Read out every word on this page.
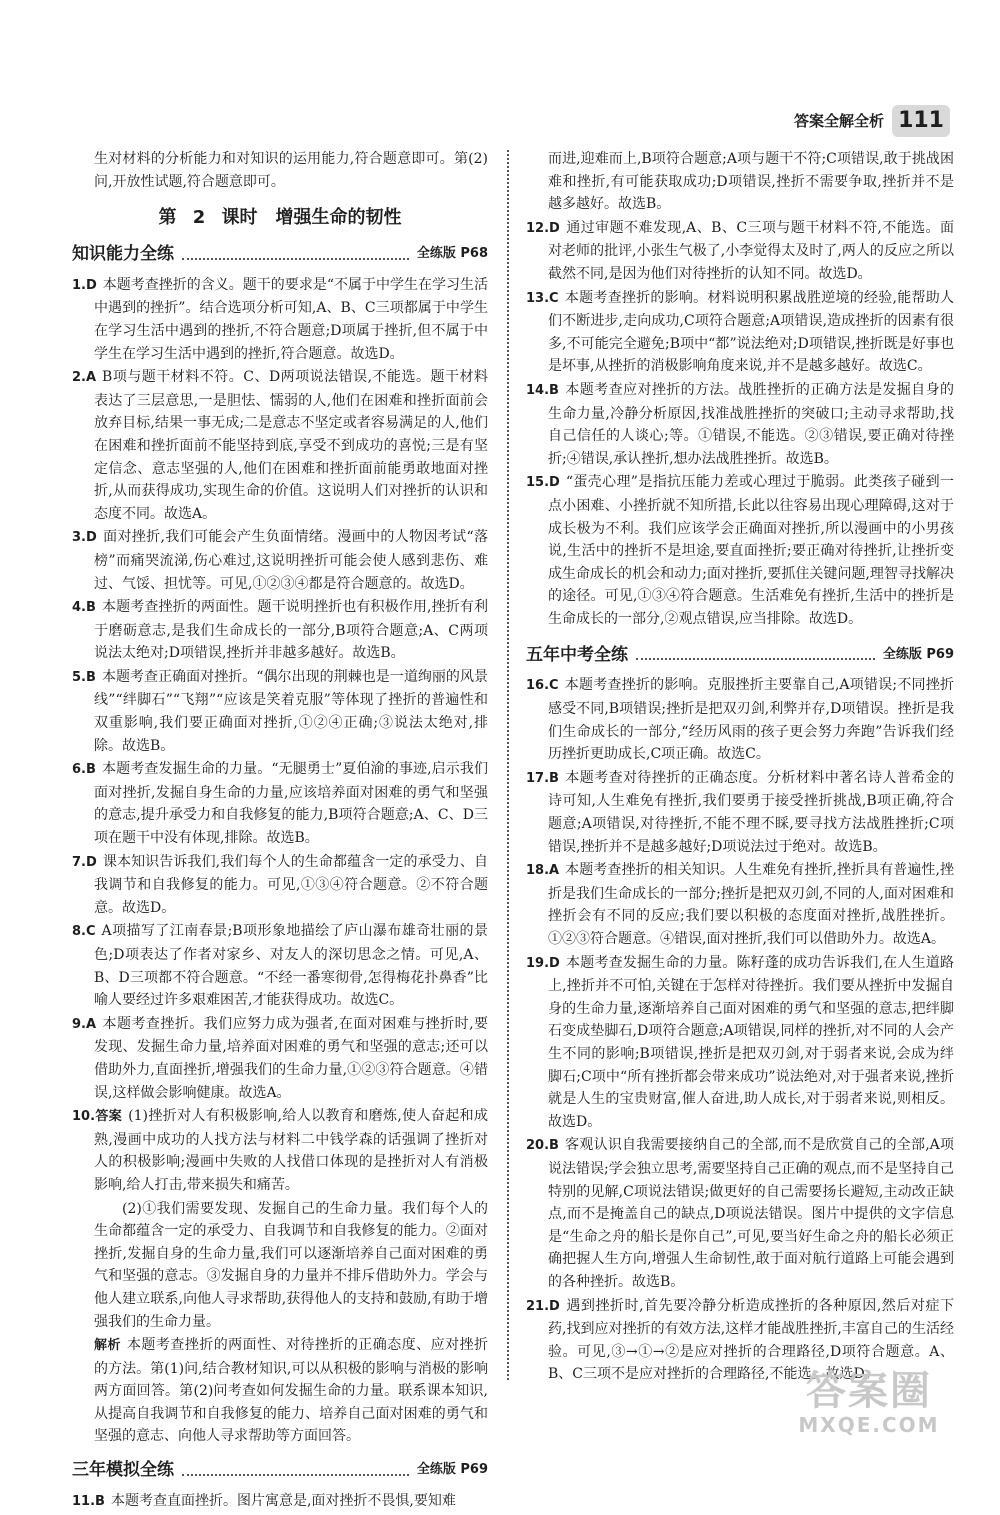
答案全解全析 111
生对材料的分析能力和对知识的运用能力,符合题意即可。第(2)问,开放性试题,符合题意即可。
第 2 课时　增强生命的韧性
知识能力全练	全练版 P68
1.D 本题考查挫折的含义。题干的要求是“不属于中学生在学习生活中遇到的挫折”。结合选项分析可知,A、B、C三项都属于中学生在学习生活中遇到的挫折,不符合题意;D项属于挫折,但不属于中学生在学习生活中遇到的挫折,符合题意。故选D。
2.A B项与题干材料不符。C、D两项说法错误,不能选。题干材料表达了三层意思,一是胆怯、懦弱的人,他们在困难和挫折面前会放弃目标,结果一事无成;二是意志不坚定或者容易满足的人,他们在困难和挫折面前不能坚持到底,享受不到成功的喜悦;三是有坚定信念、意志坚强的人,他们在困难和挫折面前能勇敢地面对挫折,从而获得成功,实现生命的价值。这说明人们对挫折的认识和态度不同。故选A。
3.D 面对挫折,我们可能会产生负面情绪。漫画中的人物因考试“落榜”而痛哭流涕,伤心难过,这说明挫折可能会使人感到悲伤、难过、气馁、担忧等。可见,①②③④都是符合题意的。故选D。
4.B 本题考查挫折的两面性。题干说明挫折也有积极作用,挫折有利于磨砺意志,是我们生命成长的一部分,B项符合题意;A、C两项说法太绝对;D项错误,挫折并非越多越好。故选B。
5.B 本题考查正确面对挫折。“偶尔出现的荆棘也是一道绚丽的风景线”“绊脚石”“飞翔”“应该是笑着克服”等体现了挫折的普遍性和双重影响,我们要正确面对挫折,①②④正确;③说法太绝对,排除。故选B。
6.B 本题考查发掘生命的力量。“无腿勇士”夏伯渝的事迹,启示我们面对挫折,发掘自身生命的力量,应该培养面对困难的勇气和坚强的意志,提升承受力和自我修复的能力,B项符合题意;A、C、D三项在题干中没有体现,排除。故选B。
7.D 课本知识告诉我们,我们每个人的生命都蕴含一定的承受力、自我调节和自我修复的能力。可见,①③④符合题意。②不符合题意。故选D。
8.C A项描写了江南春景;B项形象地描绘了庐山瀑布雄奇壮丽的景色;D项表达了作者对家乡、对友人的深切思念之情。可见,A、B、D三项都不符合题意。“不经一番寒彻骨,怎得梅花扑鼻香”比喻人要经过许多艰难困苦,才能获得成功。故选C。
9.A 本题考查挫折。我们应努力成为强者,在面对困难与挫折时,要发现、发掘生命力量,培养面对困难的勇气和坚强的意志;还可以借助外力,直面挫折,增强我们的生命力量,①②③符合题意。④错误,这样做会影响健康。故选A。
10.答案 (1)挫折对人有积极影响,给人以教育和磨炼,使人奋起和成熟,漫画中成功的人找方法与材料二中钱学森的话强调了挫折对人的积极影响;漫画中失败的人找借口体现的是挫折对人有消极影响,给人打击,带来损失和痛苦。
(2)①我们需要发现、发掘自己的生命力量。我们每个人的生命都蕴含一定的承受力、自我调节和自我修复的能力。②面对挫折,发掘自身的生命力量,我们可以逐渐培养自己面对困难的勇气和坚强的意志。③发掘自身的力量并不排斥借助外力。学会与他人建立联系,向他人寻求帮助,获得他人的支持和鼓励,有助于增强我们的生命力量。
解析 本题考查挫折的两面性、对待挫折的正确态度、应对挫折的方法。第(1)问,结合教材知识,可以从积极的影响与消极的影响两方面回答。第(2)问考查如何发掘生命的力量。联系课本知识,从提高自我调节和自我修复的能力、培养自己面对困难的勇气和坚强的意志、向他人寻求帮助等方面回答。
三年模拟全练	全练版 P69
11.B 本题考查直面挫折。图片寓意是,面对挫折不畏惧,要知难
而进,迎难而上,B项符合题意;A项与题干不符;C项错误,敢于挑战困难和挫折,有可能获取成功;D项错误,挫折不需要争取,挫折并不是越多越好。故选B。
12.D 通过审题不难发现,A、B、C三项与题干材料不符,不能选。面对老师的批评,小张生气极了,小李觉得太及时了,两人的反应之所以截然不同,是因为他们对待挫折的认知不同。故选D。
13.C 本题考查挫折的影响。材料说明积累战胜逆境的经验,能帮助人们不断进步,走向成功,C项符合题意;A项错误,造成挫折的因素有很多,不可能完全避免;B项中“都”说法绝对;D项错误,挫折既是好事也是坏事,从挫折的消极影响角度来说,并不是越多越好。故选C。
14.B 本题考查应对挫折的方法。战胜挫折的正确方法是发掘自身的生命力量,冷静分析原因,找准战胜挫折的突破口;主动寻求帮助,找自己信任的人谈心;等。①错误,不能选。②③错误,要正确对待挫折;④错误,承认挫折,想办法战胜挫折。故选B。
15.D “蛋壳心理”是指抗压能力差或心理过于脆弱。此类孩子碰到一点小困难、小挫折就不知所措,长此以往容易出现心理障碍,这对于成长极为不利。我们应该学会正确面对挫折,所以漫画中的小男孩说,生活中的挫折不是坦途,要直面挫折;要正确对待挫折,让挫折变成生命成长的机会和动力;面对挫折,要抓住关键问题,理智寻找解决的途径。可见,①③④符合题意。生活难免有挫折,生活中的挫折是生命成长的一部分,②观点错误,应当排除。故选D。
五年中考全练	全练版 P69
16.C 本题考查挫折的影响。克服挫折主要靠自己,A项错误;不同挫折感受不同,B项错误;挫折是把双刃剑,利弊并存,D项错误。挫折是我们生命成长的一部分,“经历风雨的孩子更会努力奔跑”告诉我们经历挫折更助成长,C项正确。故选C。
17.B 本题考查对待挫折的正确态度。分析材料中著名诗人普希金的诗可知,人生难免有挫折,我们要勇于接受挫折挑战,B项正确,符合题意;A项错误,对待挫折,不能不理不睬,要寻找方法战胜挫折;C项错误,挫折并不是越多越好;D项说法过于绝对。故选B。
18.A 本题考查挫折的相关知识。人生难免有挫折,挫折具有普遍性,挫折是我们生命成长的一部分;挫折是把双刃剑,不同的人,面对困难和挫折会有不同的反应;我们要以积极的态度面对挫折,战胜挫折。①②③符合题意。④错误,面对挫折,我们可以借助外力。故选A。
19.D 本题考查发掘生命的力量。陈籽蓬的成功告诉我们,在人生道路上,挫折并不可怕,关键在于怎样对待挫折。我们要从挫折中发掘自身的生命力量,逐渐培养自己面对困难的勇气和坚强的意志,把绊脚石变成垫脚石,D项符合题意;A项错误,同样的挫折,对不同的人会产生不同的影响;B项错误,挫折是把双刃剑,对于弱者来说,会成为绊脚石;C项中“所有挫折都会带来成功”说法绝对,对于强者来说,挫折就是人生的宝贵财富,催人奋进,助人成长,对于弱者来说,则相反。故选D。
20.B 客观认识自我需要接纳自己的全部,而不是欣赏自己的全部,A项说法错误;学会独立思考,需要坚持自己正确的观点,而不是坚持自己特别的见解,C项说法错误;做更好的自己需要扬长避短,主动改正缺点,而不是掩盖自己的缺点,D项说法错误。图片中提供的文字信息是“生命之舟的船长是你自己”,可见,要当好生命之舟的船长必须正确把握人生方向,增强人生命韧性,敢于面对航行道路上可能会遇到的各种挫折。故选B。
21.D 遇到挫折时,首先要冷静分析造成挫折的各种原因,然后对症下药,找到应对挫折的有效方法,这样才能战胜挫折,丰富自己的生活经验。可见,③→①→②是应对挫折的合理路径,D项符合题意。A、B、C三项不是应对挫折的合理路径,不能选。故选D。
答案圈
MXQE.COM
